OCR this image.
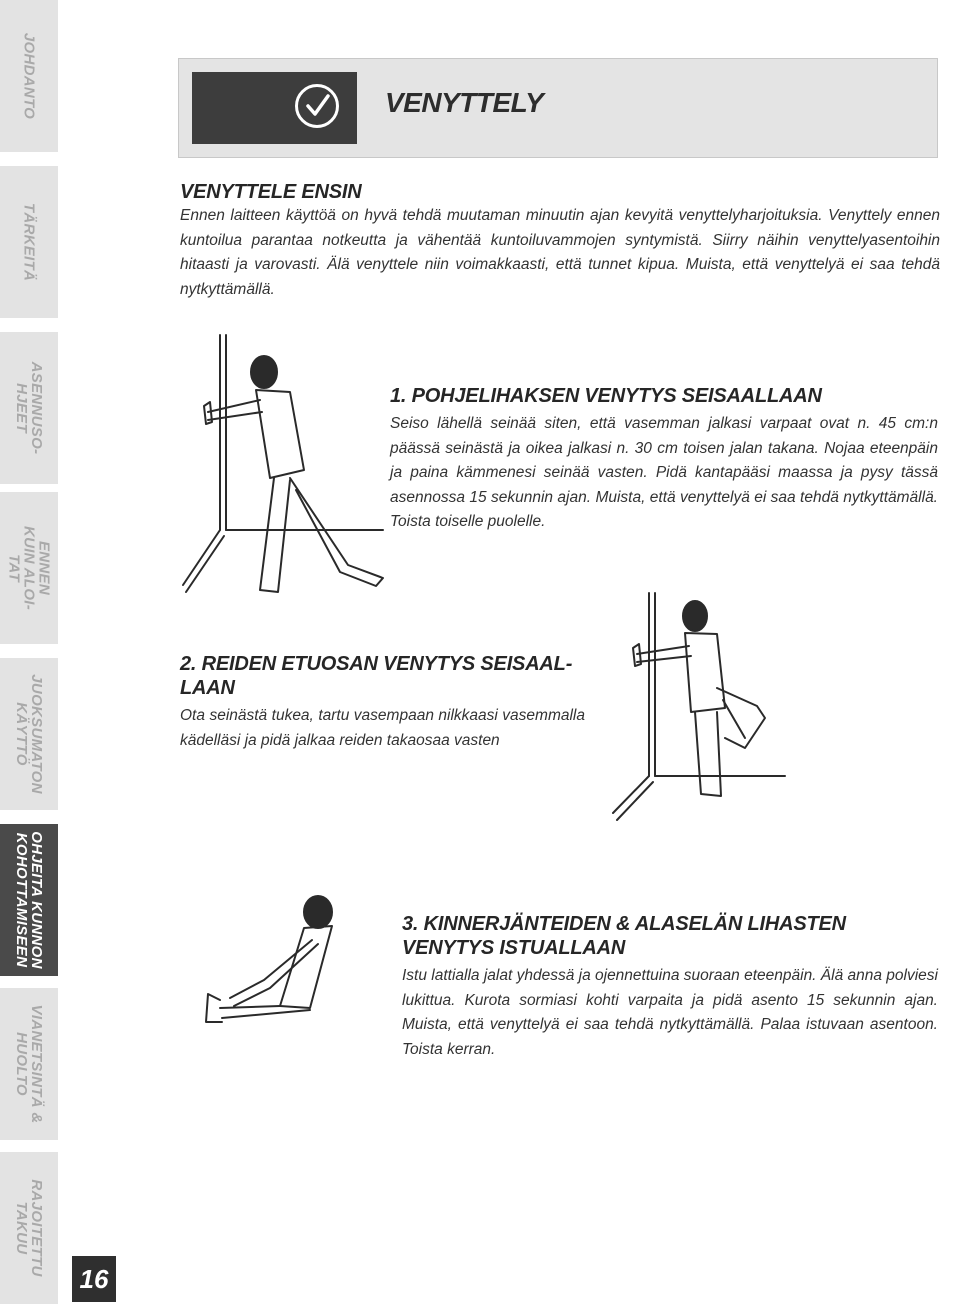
JOHDANTO
TÄRKEITÄ
ASENNUSO-
HJEET
ENNEN
KUIN ALOI-
TAT
JUOKSUMATON
KÄYTTÖ
OHJEITA KUNNON
KOHOTTAMISEEN
VIANETSINTÄ &
HUOLTO
RAJOITETTU
TAKUU
16
VENYTTELY

VENYTTELE ENSIN

Ennen laitteen käyttöä on hyvä tehdä muutaman minuutin ajan kevyitä venyttelyharjoituksia. Venyttely ennen kuntoilua parantaa notkeutta ja vähentää kuntoiluvammojen syntymistä. Siirry näihin venyttelyasentoihin hitaasti ja varovasti. Älä venyttele niin voimakkaasti, että tunnet kipua. Muista, että venyttelyä ei saa tehdä nytkyttämällä.

1. POHJELIHAKSEN VENYTYS SEISAALLAAN

Seiso lähellä seinää siten, että vasemman jalkasi varpaat ovat n. 45 cm:n päässä seinästä ja oikea jalkasi n. 30 cm toisen jalan takana. Nojaa eteenpäin ja paina kämmenesi seinää vasten. Pidä kantapääsi maassa ja pysy tässä asennossa 15 sekunnin ajan. Muista, että venyttelyä ei saa tehdä nytkyttämällä. Toista toiselle puolelle.

2. REIDEN ETUOSAN VENYTYS SEISAAL-
LAAN

Ota seinästä tukea, tartu vasempaan nilkkaasi vasemmalla kädelläsi ja pidä jalkaa reiden takaosaa vasten

3. KINNERJÄNTEIDEN & ALASELÄN LIHASTEN VENYTYS ISTUALLAAN

Istu lattialla jalat yhdessä ja ojennettuina suoraan eteenpäin. Älä anna polviesi lukittua. Kurota sormiasi kohti varpaita ja pidä asento 15 sekunnin ajan. Muista, että venyttelyä ei saa tehdä nytkyttämällä. Palaa istuvaan asentoon. Toista kerran.
